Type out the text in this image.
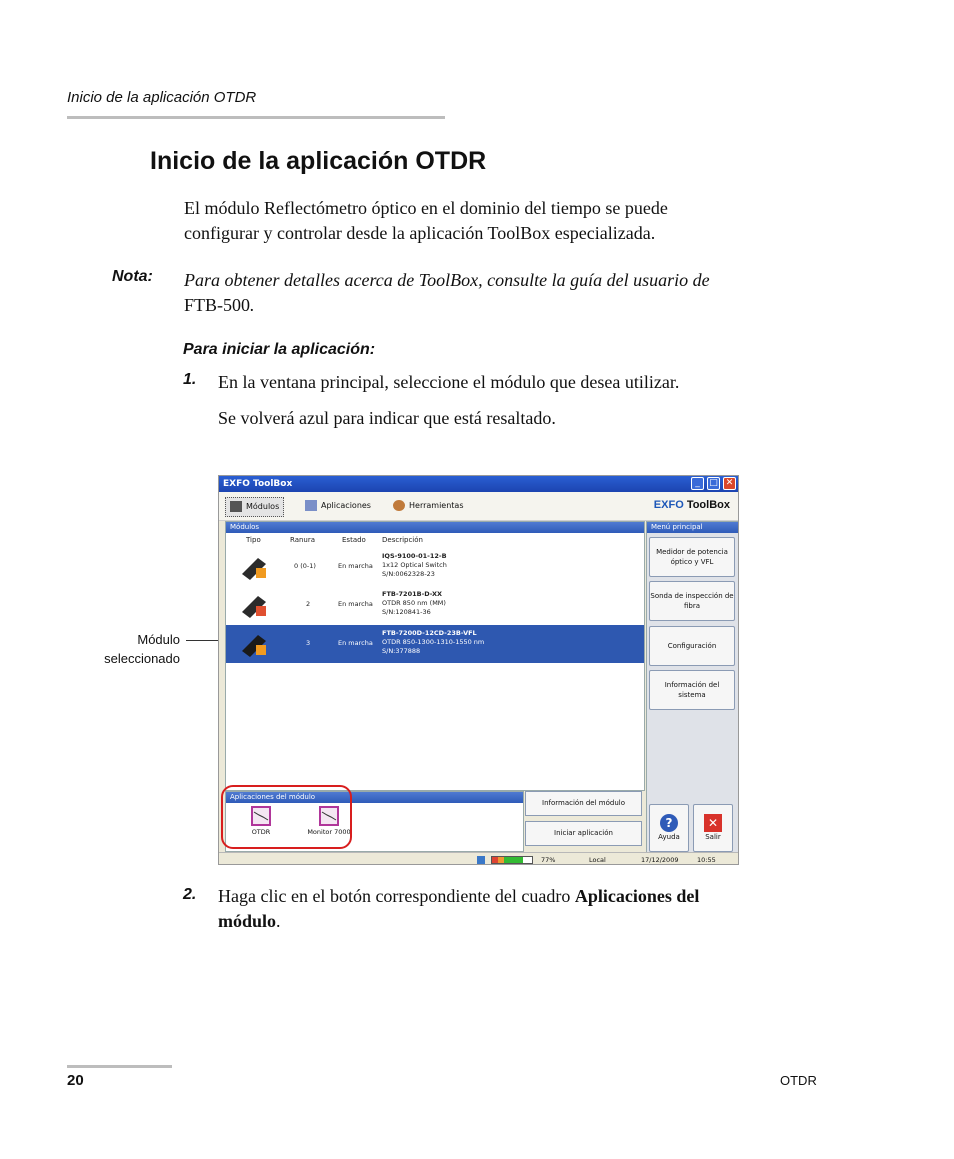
Inicio de la aplicación OTDR
Inicio de la aplicación OTDR
El módulo Reflectómetro óptico en el dominio del tiempo se puede
configurar y controlar desde la aplicación ToolBox especializada.
Nota: Para obtener detalles acerca de ToolBox, consulte la guía del usuario de
FTB-500.
Para iniciar la aplicación:
1. En la ventana principal, seleccione el módulo que desea utilizar.
Se volverá azul para indicar que está resaltado.
Módulo
seleccionado
EXFO ToolBox	_	□ ✕
Módulos	Aplicaciones	Herramientas	EXFO ToolBox
Módulos
Tipo	Ranura	Estado Descripción
0 (0-1)	En marcha
IQS-9100-01-12-B
1x12 Optical Switch
S/N:0062328-23
2	En marcha
FTB-7201B-D-XX
OTDR 850 nm (MM)
S/N:120841-36
3	En marcha
FTB-7200D-12CD-23B-VFL
OTDR 850-1300-1310-1550 nm
S/N:377888
Menú principal
Medidor de potencia óptico y VFL
Sonda de inspección de fibra
Configuración
Información del sistema
?
Ayuda
✕
Salir
Aplicaciones del módulo
OTDR	Monitor 7000
Información del módulo
Iniciar aplicación
77%	Local	17/12/2009	10:55
2. Haga clic en el botón correspondiente del cuadro Aplicaciones del
módulo.
20	OTDR
